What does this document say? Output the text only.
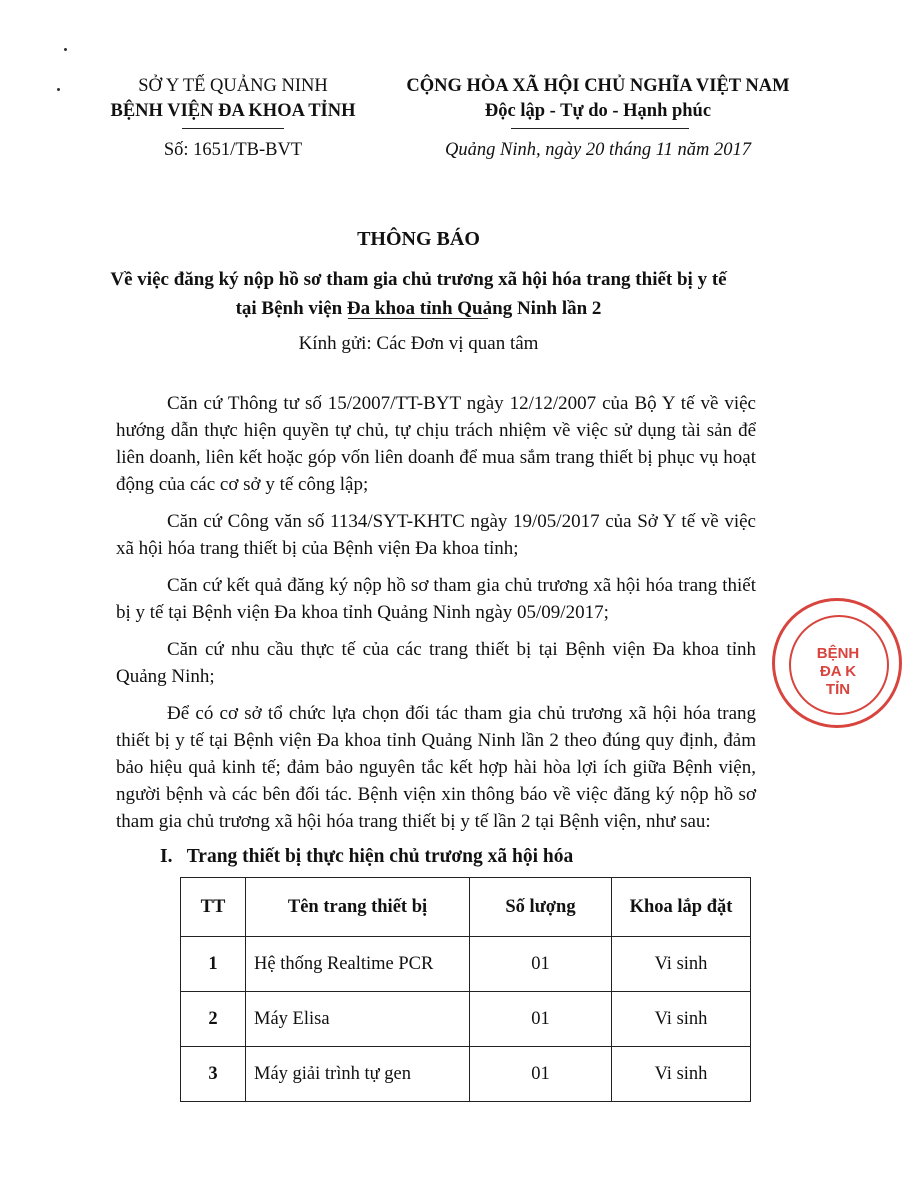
SỞ Y TẾ QUẢNG NINH
BỆNH VIỆN ĐA KHOA TỈNH
Số: 1651/TB-BVT
CỘNG HÒA XÃ HỘI CHỦ NGHĨA VIỆT NAM
Độc lập - Tự do - Hạnh phúc
Quảng Ninh, ngày 20 tháng 11 năm 2017
THÔNG BÁO
Về việc đăng ký nộp hồ sơ tham gia chủ trương xã hội hóa trang thiết bị y tế
tại Bệnh viện Đa khoa tỉnh Quảng Ninh lần 2
Kính gửi: Các Đơn vị quan tâm

Căn cứ Thông tư số 15/2007/TT-BYT ngày 12/12/2007 của Bộ Y tế về việc hướng dẫn thực hiện quyền tự chủ, tự chịu trách nhiệm về việc sử dụng tài sản để liên doanh, liên kết hoặc góp vốn liên doanh để mua sắm trang thiết bị phục vụ hoạt động của các cơ sở y tế công lập;

Căn cứ Công văn số 1134/SYT-KHTC ngày 19/05/2017 của Sở Y tế về việc xã hội hóa trang thiết bị của Bệnh viện Đa khoa tỉnh;

Căn cứ kết quả đăng ký nộp hồ sơ tham gia chủ trương xã hội hóa trang thiết bị y tế tại Bệnh viện Đa khoa tỉnh Quảng Ninh ngày 05/09/2017;

Căn cứ nhu cầu thực tế của các trang thiết bị tại Bệnh viện Đa khoa tỉnh Quảng Ninh;

Để có cơ sở tổ chức lựa chọn đối tác tham gia chủ trương xã hội hóa trang thiết bị y tế tại Bệnh viện Đa khoa tỉnh Quảng Ninh lần 2 theo đúng quy định, đảm bảo hiệu quả kinh tế; đảm bảo nguyên tắc kết hợp hài hòa lợi ích giữa Bệnh viện, người bệnh và các bên đối tác. Bệnh viện xin thông báo về việc đăng ký nộp hồ sơ tham gia chủ trương xã hội hóa trang thiết bị y tế lần 2 tại Bệnh viện, như sau:

I.   Trang thiết bị thực hiện chủ trương xã hội hóa
TT	Tên trang thiết bị	Số lượng	Khoa lắp đặt
1	Hệ thống Realtime PCR	01	Vi sinh
2	Máy Elisa	01	Vi sinh
3	Máy giải trình tự gen	01	Vi sinh
BỆNH
ĐA K
TỈN
